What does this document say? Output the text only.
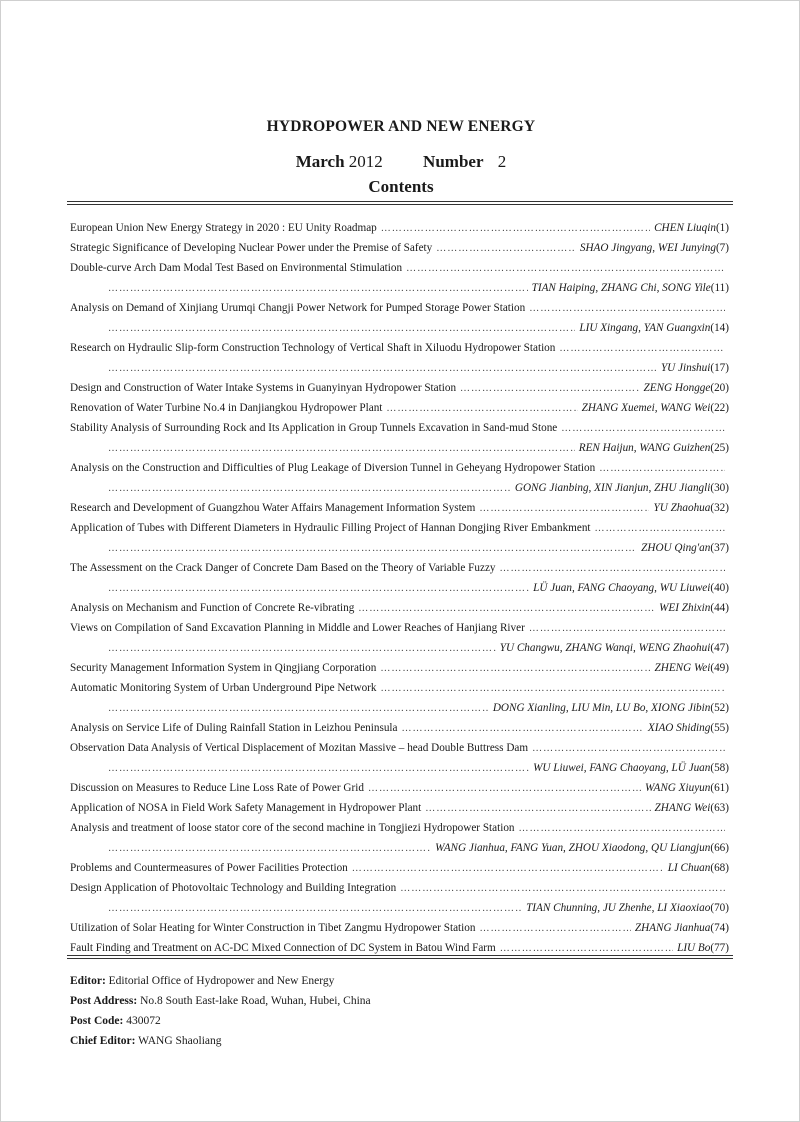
HYDROPOWER AND NEW ENERGY
March 2012 Number 2
Contents
European Union New Energy Strategy in 2020 : EU Unity Roadmap …………………………………………………………………………………………………………………………………………………………………………………………………………………………………………	CHEN Liuqin (1)
Strategic Significance of Developing Nuclear Power under the Premise of Safety …………………………………………………………………………………………………………………………………………………………………………………………………………………………………………	SHAO Jingyang, WEI Junying (7)
Double-curve Arch Dam Modal Test Based on Environmental Stimulation
…………………………………………………………………………………………………………………………………………………………………………………………………………………………………………
…………………………………………………………………………………………………………………………………………………………………………………………………………………………………………
TIAN Haiping, ZHANG Chi, SONG Yile (11)
Analysis on Demand of Xinjiang Urumqi Changji Power Network for Pumped Storage Power Station
…………………………………………………………………………………………………………………………………………………………………………………………………………………………………………
…………………………………………………………………………………………………………………………………………………………………………………………………………………………………………
LIU Xingang, YAN Guangxin (14)
Research on Hydraulic Slip-form Construction Technology of Vertical Shaft in Xiluodu Hydropower Station
…………………………………………………………………………………………………………………………………………………………………………………………………………………………………………
…………………………………………………………………………………………………………………………………………………………………………………………………………………………………………
YU Jinshui (17)
Design and Construction of Water Intake Systems in Guanyinyan Hydropower Station …………………………………………………………………………………………………………………………………………………………………………………………………………………………………………	ZENG Hongge (20)
Renovation of Water Turbine No.4 in Danjiangkou Hydropower Plant …………………………………………………………………………………………………………………………………………………………………………………………………………………………………………	ZHANG Xuemei, WANG Wei (22)
Stability Analysis of Surrounding Rock and Its Application in Group Tunnels Excavation in Sand-mud Stone
…………………………………………………………………………………………………………………………………………………………………………………………………………………………………………
…………………………………………………………………………………………………………………………………………………………………………………………………………………………………………
REN Haijun, WANG Guizhen (25)
Analysis on the Construction and Difficulties of Plug Leakage of Diversion Tunnel in Geheyang Hydropower Station
…………………………………………………………………………………………………………………………………………………………………………………………………………………………………………
…………………………………………………………………………………………………………………………………………………………………………………………………………………………………………
GONG Jianbing, XIN Jianjun, ZHU Jiangli (30)
Research and Development of Guangzhou Water Affairs Management Information System …………………………………………………………………………………………………………………………………………………………………………………………………………………………………………	YU Zhaohua (32)
Application of Tubes with Different Diameters in Hydraulic Filling Project of Hannan Dongjing River Embankment
…………………………………………………………………………………………………………………………………………………………………………………………………………………………………………
…………………………………………………………………………………………………………………………………………………………………………………………………………………………………………
ZHOU Qing'an (37)
The Assessment on the Crack Danger of Concrete Dam Based on the Theory of Variable Fuzzy
…………………………………………………………………………………………………………………………………………………………………………………………………………………………………………
…………………………………………………………………………………………………………………………………………………………………………………………………………………………………………
LÜ Juan, FANG Chaoyang, WU Liuwei (40)
Analysis on Mechanism and Function of Concrete Re-vibrating …………………………………………………………………………………………………………………………………………………………………………………………………………………………………………	WEI Zhixin (44)
Views on Compilation of Sand Excavation Planning in Middle and Lower Reaches of Hanjiang River
…………………………………………………………………………………………………………………………………………………………………………………………………………………………………………
…………………………………………………………………………………………………………………………………………………………………………………………………………………………………………
YU Changwu, ZHANG Wanqi, WENG Zhaohui (47)
Security Management Information System in Qingjiang Corporation …………………………………………………………………………………………………………………………………………………………………………………………………………………………………………	ZHENG Wei (49)
Automatic Monitoring System of Urban Underground Pipe Network
…………………………………………………………………………………………………………………………………………………………………………………………………………………………………………
…………………………………………………………………………………………………………………………………………………………………………………………………………………………………………
DONG Xianling, LIU Min, LU Bo, XIONG Jibin (52)
Analysis on Service Life of Duling Rainfall Station in Leizhou Peninsula …………………………………………………………………………………………………………………………………………………………………………………………………………………………………………	XIAO Shiding (55)
Observation Data Analysis of Vertical Displacement of Mozitan Massive – head Double Buttress Dam
…………………………………………………………………………………………………………………………………………………………………………………………………………………………………………
…………………………………………………………………………………………………………………………………………………………………………………………………………………………………………
WU Liuwei, FANG Chaoyang, LÜ Juan (58)
Discussion on Measures to Reduce Line Loss Rate of Power Grid …………………………………………………………………………………………………………………………………………………………………………………………………………………………………………	WANG Xiuyun (61)
Application of NOSA in Field Work Safety Management in Hydropower Plant …………………………………………………………………………………………………………………………………………………………………………………………………………………………………………	ZHANG Wei (63)
Analysis and treatment of loose stator core of the second machine in Tongjiezi Hydropower Station
…………………………………………………………………………………………………………………………………………………………………………………………………………………………………………
…………………………………………………………………………………………………………………………………………………………………………………………………………………………………………
WANG Jianhua, FANG Yuan, ZHOU Xiaodong, QU Liangjun (66)
Problems and Countermeasures of Power Facilities Protection …………………………………………………………………………………………………………………………………………………………………………………………………………………………………………	LI Chuan (68)
Design Application of Photovoltaic Technology and Building Integration
…………………………………………………………………………………………………………………………………………………………………………………………………………………………………………
…………………………………………………………………………………………………………………………………………………………………………………………………………………………………………
TIAN Chunning, JU Zhenhe, LI Xiaoxiao (70)
Utilization of Solar Heating for Winter Construction in Tibet Zangmu Hydropower Station …………………………………………………………………………………………………………………………………………………………………………………………………………………………………………	ZHANG Jianhua (74)
Fault Finding and Treatment on AC-DC Mixed Connection of DC System in Batou Wind Farm …………………………………………………………………………………………………………………………………………………………………………………………………………………………………………	LIU Bo (77)
Editor: Editorial Office of Hydropower and New Energy
Post Address: No.8 South East-lake Road, Wuhan, Hubei, China
Post Code: 430072
Chief Editor: WANG Shaoliang
